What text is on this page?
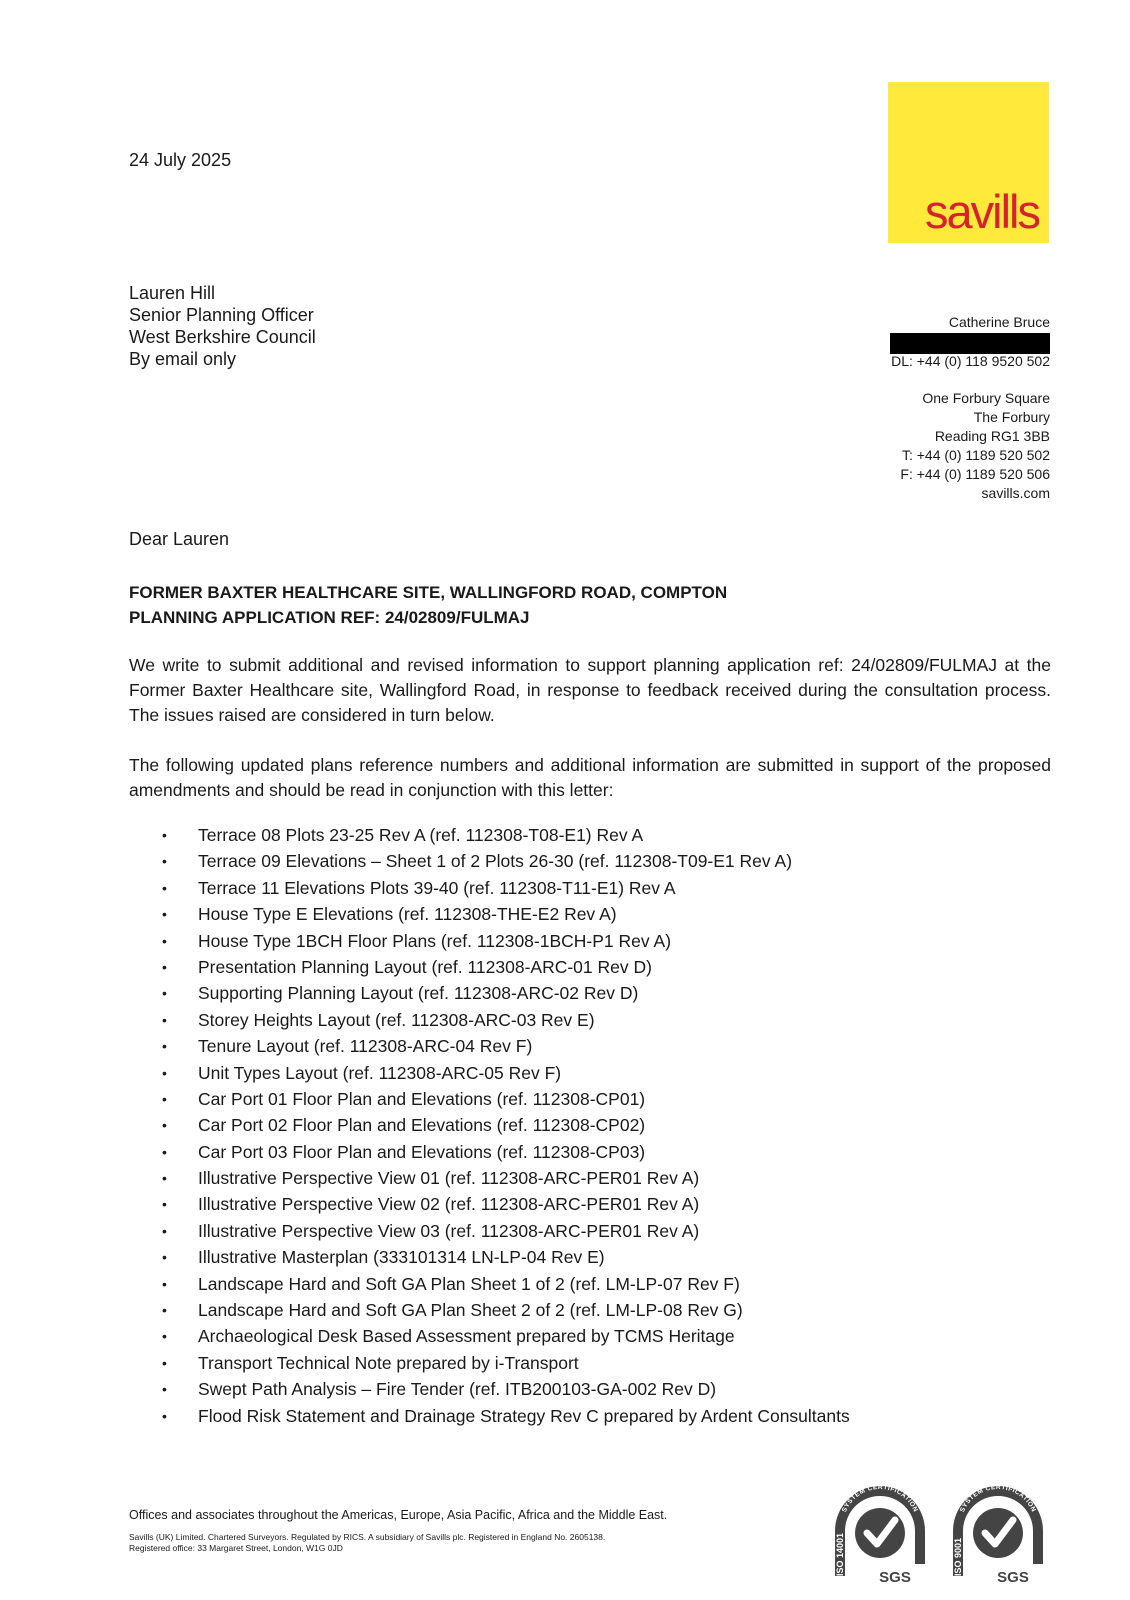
24 July 2025
savills
Lauren Hill
Senior Planning Officer
West Berkshire Council
By email only
Catherine Bruce
DL: +44 (0) 118 9520 502
One Forbury Square
The Forbury
Reading RG1 3BB
T: +44 (0) 1189 520 502
F: +44 (0) 1189 520 506
savills.com
Dear Lauren
FORMER BAXTER HEALTHCARE SITE, WALLINGFORD ROAD, COMPTON
PLANNING APPLICATION REF: 24/02809/FULMAJ
We write to submit additional and revised information to support planning application ref: 24/02809/FULMAJ at the Former Baxter Healthcare site, Wallingford Road, in response to feedback received during the consultation process. The issues raised are considered in turn below.
The following updated plans reference numbers and additional information are submitted in support of the proposed amendments and should be read in conjunction with this letter:
• Terrace 08 Plots 23-25 Rev A (ref. 112308-T08-E1) Rev A
• Terrace 09 Elevations – Sheet 1 of 2 Plots 26-30 (ref. 112308-T09-E1 Rev A)
• Terrace 11 Elevations Plots 39-40 (ref. 112308-T11-E1) Rev A
• House Type E Elevations (ref. 112308-THE-E2 Rev A)
• House Type 1BCH Floor Plans (ref. 112308-1BCH-P1 Rev A)
• Presentation Planning Layout (ref. 112308-ARC-01 Rev D)
• Supporting Planning Layout (ref. 112308-ARC-02 Rev D)
• Storey Heights Layout (ref. 112308-ARC-03 Rev E)
• Tenure Layout (ref. 112308-ARC-04 Rev F)
• Unit Types Layout (ref. 112308-ARC-05 Rev F)
• Car Port 01 Floor Plan and Elevations (ref. 112308-CP01)
• Car Port 02 Floor Plan and Elevations (ref. 112308-CP02)
• Car Port 03 Floor Plan and Elevations (ref. 112308-CP03)
• Illustrative Perspective View 01 (ref. 112308-ARC-PER01 Rev A)
• Illustrative Perspective View 02 (ref. 112308-ARC-PER01 Rev A)
• Illustrative Perspective View 03 (ref. 112308-ARC-PER01 Rev A)
• Illustrative Masterplan (333101314 LN-LP-04 Rev E)
• Landscape Hard and Soft GA Plan Sheet 1 of 2 (ref. LM-LP-07 Rev F)
• Landscape Hard and Soft GA Plan Sheet 2 of 2 (ref. LM-LP-08 Rev G)
• Archaeological Desk Based Assessment prepared by TCMS Heritage
• Transport Technical Note prepared by i-Transport
• Swept Path Analysis – Fire Tender (ref. ITB200103-GA-002 Rev D)
• Flood Risk Statement and Drainage Strategy Rev C prepared by Ardent Consultants
Offices and associates throughout the Americas, Europe, Asia Pacific, Africa and the Middle East.
Savills (UK) Limited. Chartered Surveyors. Regulated by RICS. A subsidiary of Savills plc. Registered in England No. 2605138.
Registered office: 33 Margaret Street, London, W1G 0JD
SYSTEM CERTIFICATION
ISO 14001
SGS
SYSTEM CERTIFICATION
ISO 9001
SGS
